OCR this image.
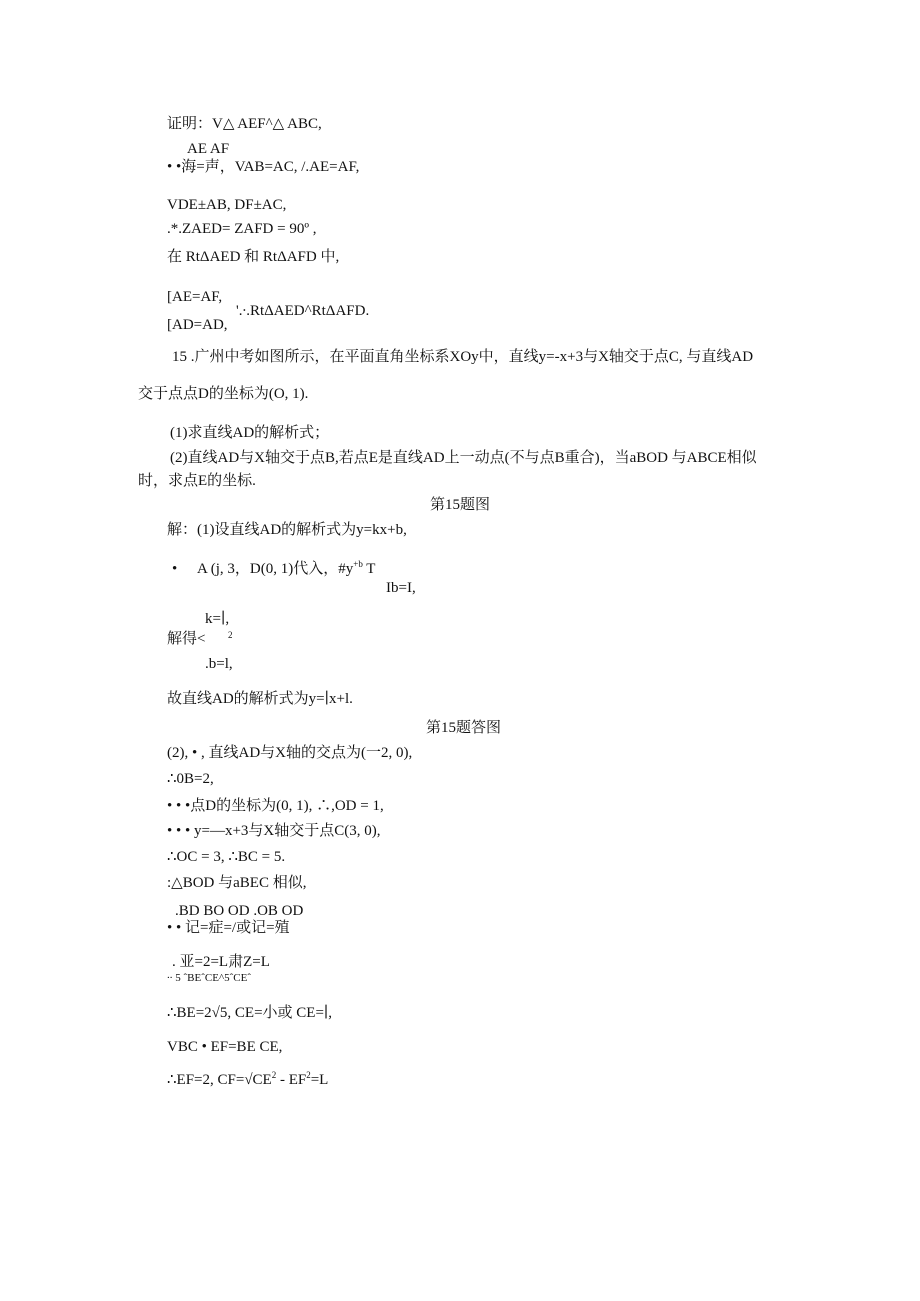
证明：V△ AEF^△ ABC,
AE AF
• •海=声，VAB=AC, /.AE=AF,
VDE±AB, DF±AC,
.*.ZAED= ZAFD = 90º ,
在 RtΔAED 和 RtΔAFD 中,
[AE=AF,
'.∙.RtΔAED^RtΔAFD.
[AD=AD,
15 .广州中考如图所示，在平面直角坐标系XOy中，直线y=-x+3与X轴交于点C, 与直线AD
交于点点D的坐标为(O, 1).
(1)求直线AD的解析式；
(2)直线AD与X轴交于点B,若点E是直线AD上一动点(不与点B重合)，当aBOD 与ABCE相似
时，求点E的坐标.
第15题图
解：(1)设直线AD的解析式为y=kx+b,
• A (j, 3，D(0, 1)代入，$\#y^{+b}$ T
Ib=I,
k=∣,
解得<	2
.b=l,
故直线AD的解析式为y=∣x+l.
第15题答图
(2), • , 直线AD与X轴的交点为(一2, 0),
∴0B=2,
• • •点D的坐标为(0, 1), ∴,OD = 1,
• • • y=—x+3与X轴交于点C(3, 0),
∴OC = 3, ∴BC = 5.
:△BOD 与aBEC 相似,
.BD BO OD .OB OD
• • 记=症=/或记=殖
. 亚=2=L肃Z=L
∙∙ 5 ˆBEˆCE^5ˆCEˆ
∴BE=2√5, CE=小或 CE=∣,
VBC • EF=BE CE,
∴EF=2, $CF=√CE^2 - EF^2=L$
